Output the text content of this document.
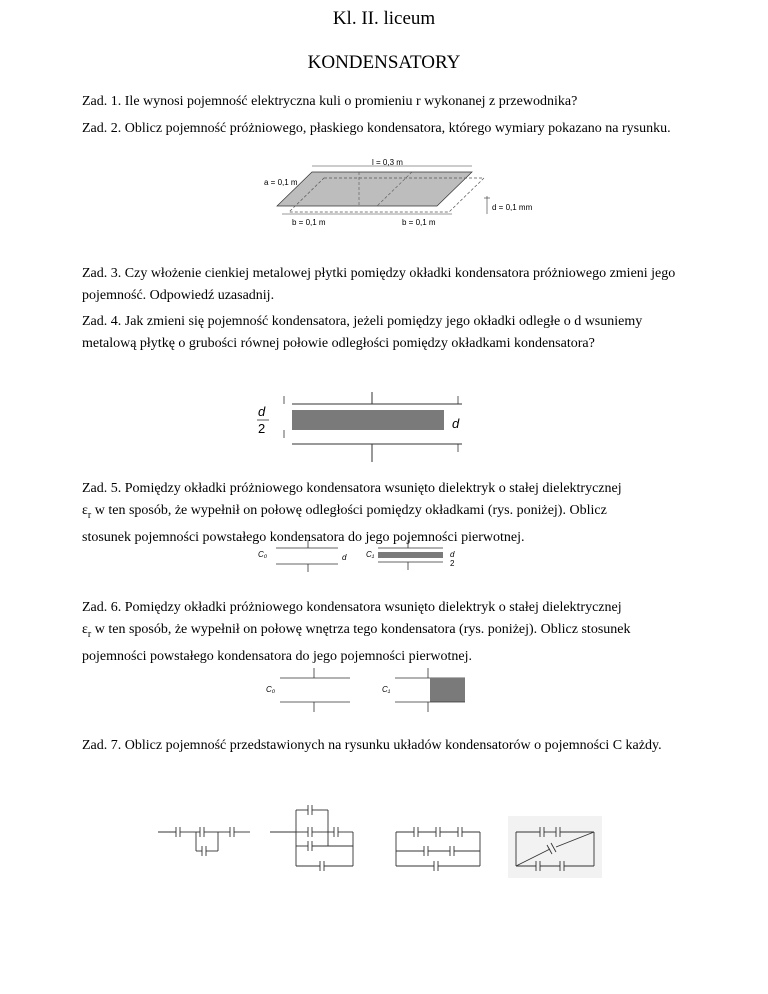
Kl. II. liceum
KONDENSATORY
Zad. 1. Ile wynosi pojemność elektryczna kuli o promieniu r wykonanej z przewodnika?
Zad. 2. Oblicz pojemność próżniowego, płaskiego kondensatora, którego wymiary pokazano na rysunku.
l = 0,3 m
a = 0,1 m
d = 0,1 mm
b = 0,1 m	b = 0,1 m
Zad. 3. Czy włożenie cienkiej metalowej płytki pomiędzy okładki kondensatora próżniowego zmieni jego pojemność. Odpowiedź uzasadnij.
Zad. 4. Jak zmieni się pojemność kondensatora, jeżeli pomiędzy jego okładki odległe o d wsuniemy metalową płytkę o grubości równej połowie odległości pomiędzy okładkami kondensatora?
d
2	d
Zad. 5. Pomiędzy okładki próżniowego kondensatora wsunięto dielektryk o stałej dielektrycznej
$\varepsilon_r$ w ten sposób, że wypełnił on połowę odległości pomiędzy okładkami (rys. poniżej). Oblicz
stosunek pojemności powstałego kondensatora do jego pojemności pierwotnej.
C₀	d C₁	d
2
Zad. 6. Pomiędzy okładki próżniowego kondensatora wsunięto dielektryk o stałej dielektrycznej
$\varepsilon_r$ w ten sposób, że wypełnił on połowę wnętrza tego kondensatora (rys. poniżej). Oblicz stosunek
pojemności powstałego kondensatora do jego pojemności pierwotnej.
C₀	C₁
Zad. 7. Oblicz pojemność przedstawionych na rysunku układów kondensatorów o pojemności C każdy.
